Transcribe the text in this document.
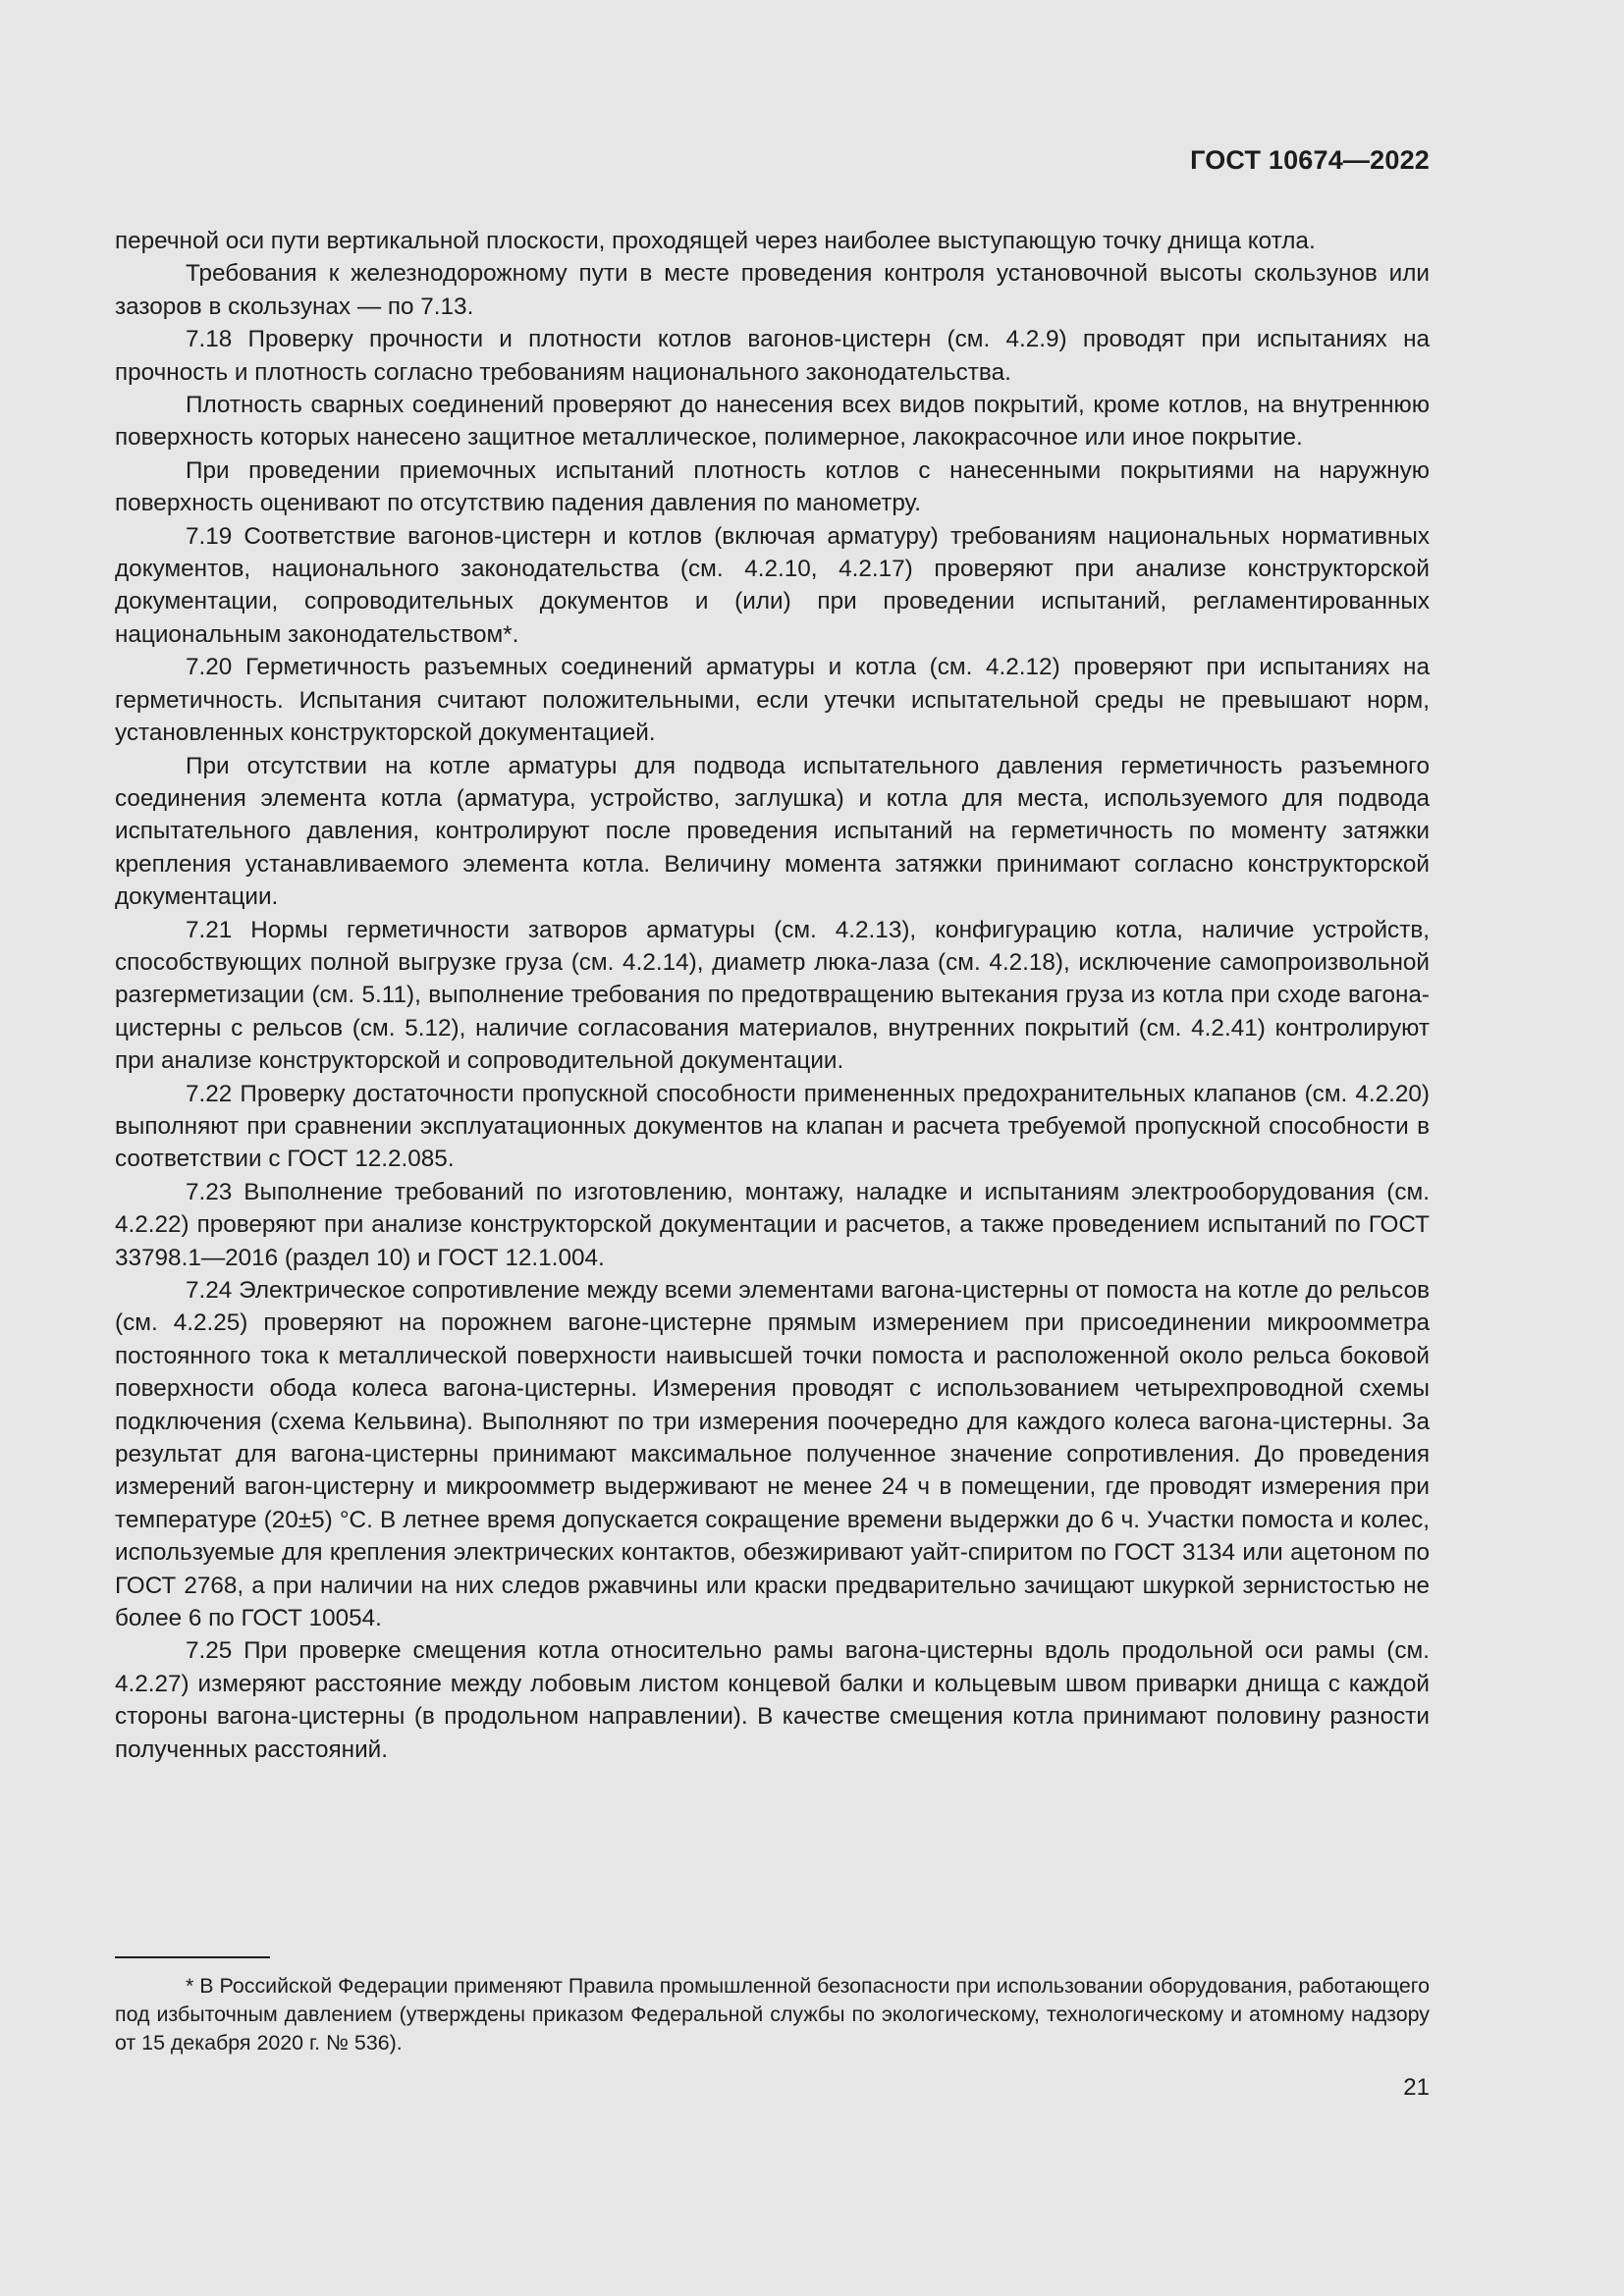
ГОСТ 10674—2022

перечной оси пути вертикальной плоскости, проходящей через наиболее выступающую точку днища котла.

Требования к железнодорожному пути в месте проведения контроля установочной высоты скользунов или зазоров в скользунах — по 7.13.

7.18 Проверку прочности и плотности котлов вагонов-цистерн (см. 4.2.9) проводят при испытаниях на прочность и плотность согласно требованиям национального законодательства.

Плотность сварных соединений проверяют до нанесения всех видов покрытий, кроме котлов, на внутреннюю поверхность которых нанесено защитное металлическое, полимерное, лакокрасочное или иное покрытие.

При проведении приемочных испытаний плотность котлов с нанесенными покрытиями на наружную поверхность оценивают по отсутствию падения давления по манометру.

7.19 Соответствие вагонов-цистерн и котлов (включая арматуру) требованиям национальных нормативных документов, национального законодательства (см. 4.2.10, 4.2.17) проверяют при анализе конструкторской документации, сопроводительных документов и (или) при проведении испытаний, регламентированных национальным законодательством*.

7.20 Герметичность разъемных соединений арматуры и котла (см. 4.2.12) проверяют при испытаниях на герметичность. Испытания считают положительными, если утечки испытательной среды не превышают норм, установленных конструкторской документацией.

При отсутствии на котле арматуры для подвода испытательного давления герметичность разъемного соединения элемента котла (арматура, устройство, заглушка) и котла для места, используемого для подвода испытательного давления, контролируют после проведения испытаний на герметичность по моменту затяжки крепления устанавливаемого элемента котла. Величину момента затяжки принимают согласно конструкторской документации.

7.21 Нормы герметичности затворов арматуры (см. 4.2.13), конфигурацию котла, наличие устройств, способствующих полной выгрузке груза (см. 4.2.14), диаметр люка-лаза (см. 4.2.18), исключение самопроизвольной разгерметизации (см. 5.11), выполнение требования по предотвращению вытекания груза из котла при сходе вагона-цистерны с рельсов (см. 5.12), наличие согласования материалов, внутренних покрытий (см. 4.2.41) контролируют при анализе конструкторской и сопроводительной документации.

7.22 Проверку достаточности пропускной способности примененных предохранительных клапанов (см. 4.2.20) выполняют при сравнении эксплуатационных документов на клапан и расчета требуемой пропускной способности в соответствии с ГОСТ 12.2.085.

7.23 Выполнение требований по изготовлению, монтажу, наладке и испытаниям электрооборудования (см. 4.2.22) проверяют при анализе конструкторской документации и расчетов, а также проведением испытаний по ГОСТ 33798.1—2016 (раздел 10) и ГОСТ 12.1.004.

7.24 Электрическое сопротивление между всеми элементами вагона-цистерны от помоста на котле до рельсов (см. 4.2.25) проверяют на порожнем вагоне-цистерне прямым измерением при присоединении микроомметра постоянного тока к металлической поверхности наивысшей точки помоста и расположенной около рельса боковой поверхности обода колеса вагона-цистерны. Измерения проводят с использованием четырехпроводной схемы подключения (схема Кельвина). Выполняют по три измерения поочередно для каждого колеса вагона-цистерны. За результат для вагона-цистерны принимают максимальное полученное значение сопротивления. До проведения измерений вагон-цистерну и микроомметр выдерживают не менее 24 ч в помещении, где проводят измерения при температуре (20±5) °С. В летнее время допускается сокращение времени выдержки до 6 ч. Участки помоста и колес, используемые для крепления электрических контактов, обезжиривают уайт-спиритом по ГОСТ 3134 или ацетоном по ГОСТ 2768, а при наличии на них следов ржавчины или краски предварительно зачищают шкуркой зернистостью не более 6 по ГОСТ 10054.

7.25 При проверке смещения котла относительно рамы вагона-цистерны вдоль продольной оси рамы (см. 4.2.27) измеряют расстояние между лобовым листом концевой балки и кольцевым швом приварки днища с каждой стороны вагона-цистерны (в продольном направлении). В качестве смещения котла принимают половину разности полученных расстояний.

* В Российской Федерации применяют Правила промышленной безопасности при использовании оборудования, работающего под избыточным давлением (утверждены приказом Федеральной службы по экологическому, технологическому и атомному надзору от 15 декабря 2020 г. № 536).

21
